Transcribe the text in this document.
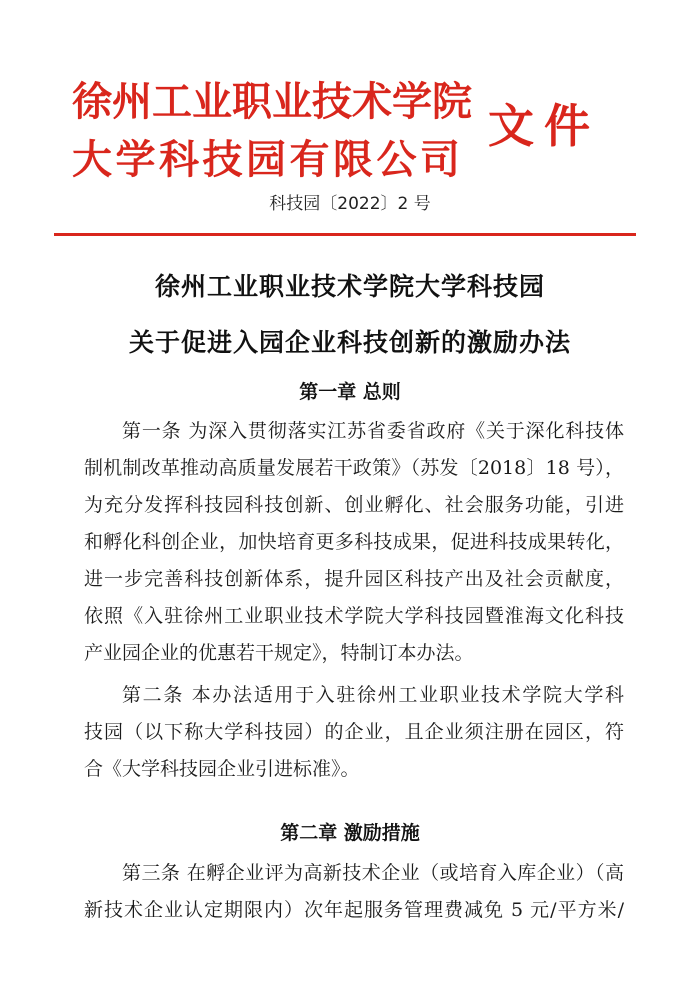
徐 州 工 业 职 业 技 术 学 院
大 学 科 技 园 有 限 公 司
文件
科技园〔2022〕2 号
徐州工业职业技术学院大学科技园
关于促进入园企业科技创新的激励办法
第一章 总则
第一条 为深入贯彻落实江苏省委省政府《关于深化科技体
制机制改革推动高质量发展若干政策》（苏发〔2018〕18 号），
为充分发挥科技园科技创新、创业孵化、社会服务功能，引进
和孵化科创企业，加快培育更多科技成果，促进科技成果转化，
进一步完善科技创新体系，提升园区科技产出及社会贡献度，
依照《入驻徐州工业职业技术学院大学科技园暨淮海文化科技
产业园企业的优惠若干规定》，特制订本办法。
第二条 本办法适用于入驻徐州工业职业技术学院大学科
技园（以下称大学科技园）的企业，且企业须注册在园区，符
合《大学科技园企业引进标准》。
第二章 激励措施
第三条 在孵企业评为高新技术企业（或培育入库企业）（高
新技术企业认定期限内）次年起服务管理费减免 5 元/平方米/
